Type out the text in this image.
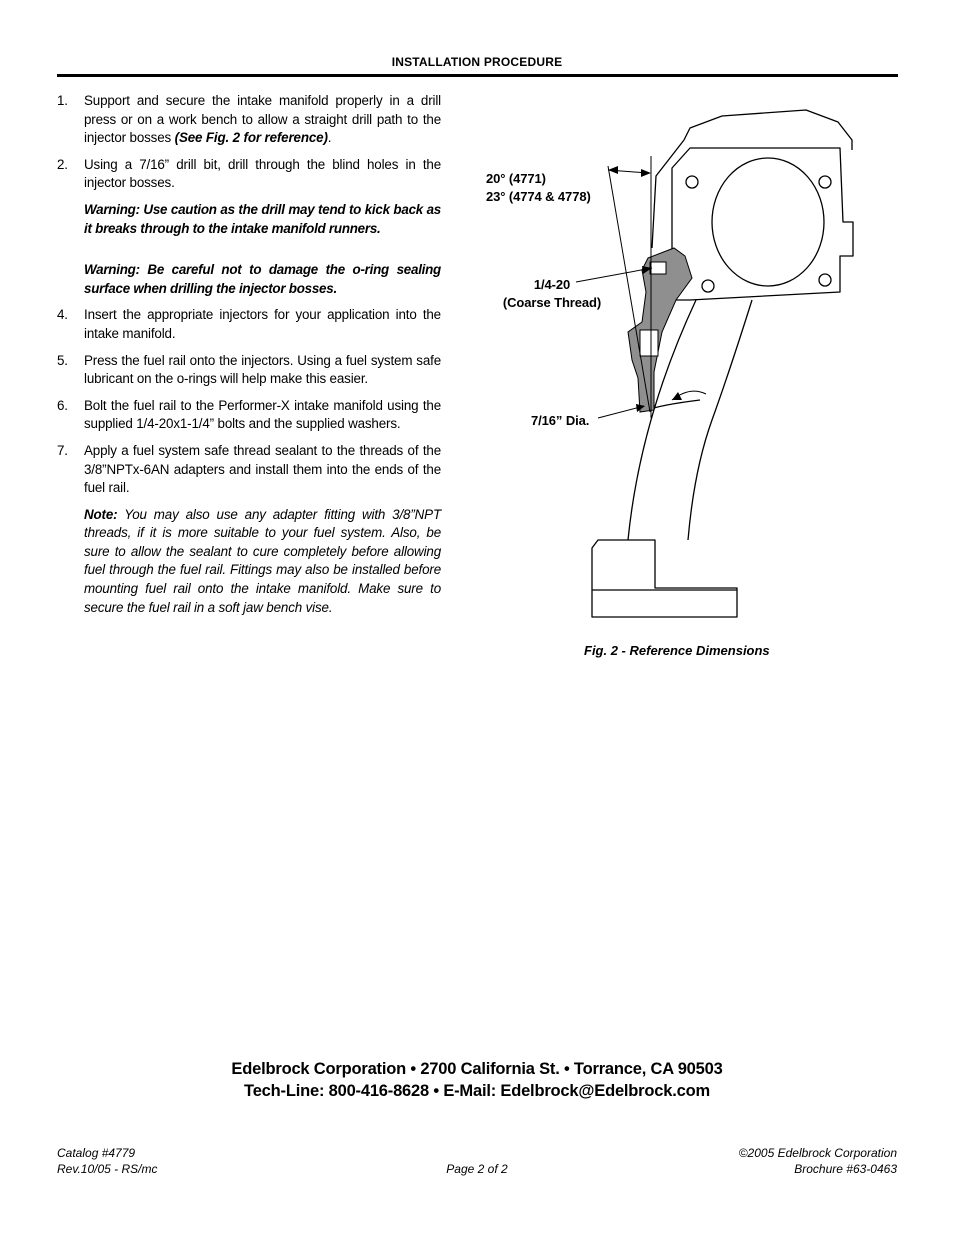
INSTALLATION PROCEDURE
1. Support and secure the intake manifold properly in a drill press or on a work bench to allow a straight drill path to the injector bosses (See Fig. 2 for reference).
2. Using a 7/16” drill bit, drill through the blind holes in the injector bosses.
Warning: Use caution as the drill may tend to kick back as it breaks through to the intake manifold runners.
Warning: Be careful not to damage the o-ring sealing surface when drilling the injector bosses.
4. Insert the appropriate injectors for your application into the intake manifold.
5. Press the fuel rail onto the injectors. Using a fuel system safe lubricant on the o-rings will help make this easier.
6. Bolt the fuel rail to the Performer-X intake manifold using the supplied 1/4-20x1-1/4” bolts and the supplied washers.
7. Apply a fuel system safe thread sealant to the threads of the 3/8”NPTx-6AN adapters and install them into the ends of the fuel rail.
Note: You may also use any adapter fitting with 3/8”NPT threads, if it is more suitable to your fuel system. Also, be sure to allow the sealant to cure completely before allowing fuel through the fuel rail. Fittings may also be installed before mounting fuel rail onto the intake manifold. Make sure to secure the fuel rail in a soft jaw bench vise.
20° (4771)
23° (4774 & 4778)
1/4-20
(Coarse Thread)
7/16” Dia.
Fig. 2 - Reference Dimensions
Edelbrock Corporation • 2700 California St. • Torrance, CA 90503
Tech-Line: 800-416-8628 • E-Mail: Edelbrock@Edelbrock.com
Catalog #4779
Rev.10/05 - RS/mc	Page 2 of 2
©2005 Edelbrock Corporation
Brochure #63-0463
